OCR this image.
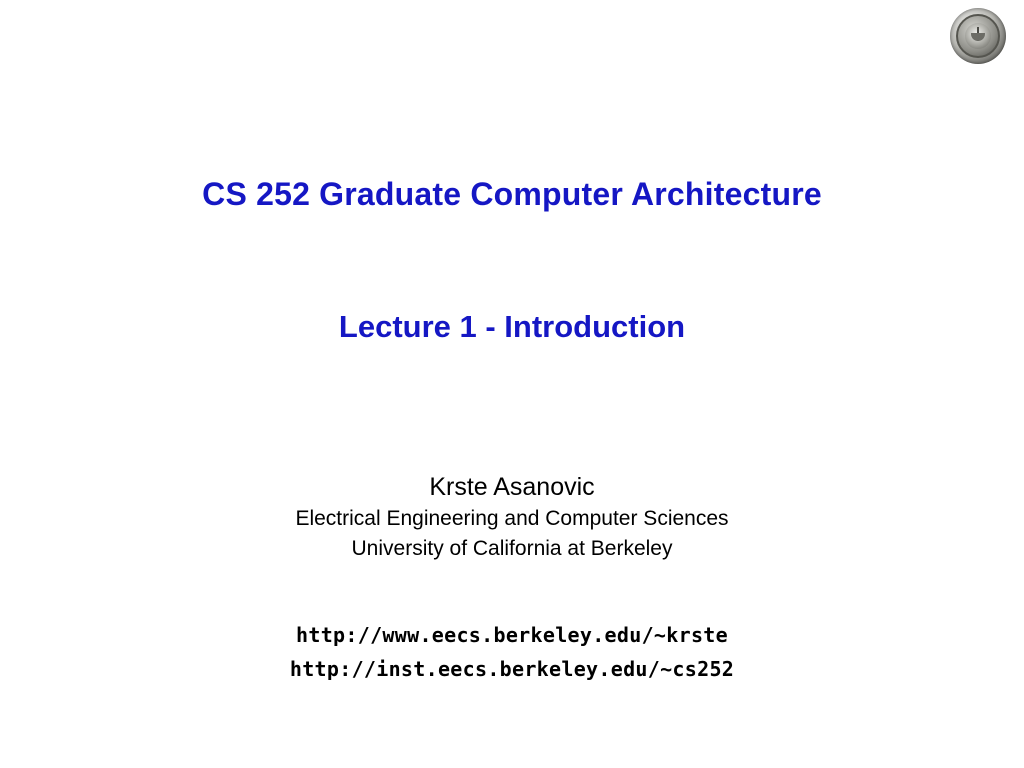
CS 252 Graduate Computer Architecture
Lecture 1 - Introduction

Krste Asanovic

Electrical Engineering and Computer Sciences

University of California at Berkeley

http://www.eecs.berkeley.edu/~krste

http://inst.eecs.berkeley.edu/~cs252
